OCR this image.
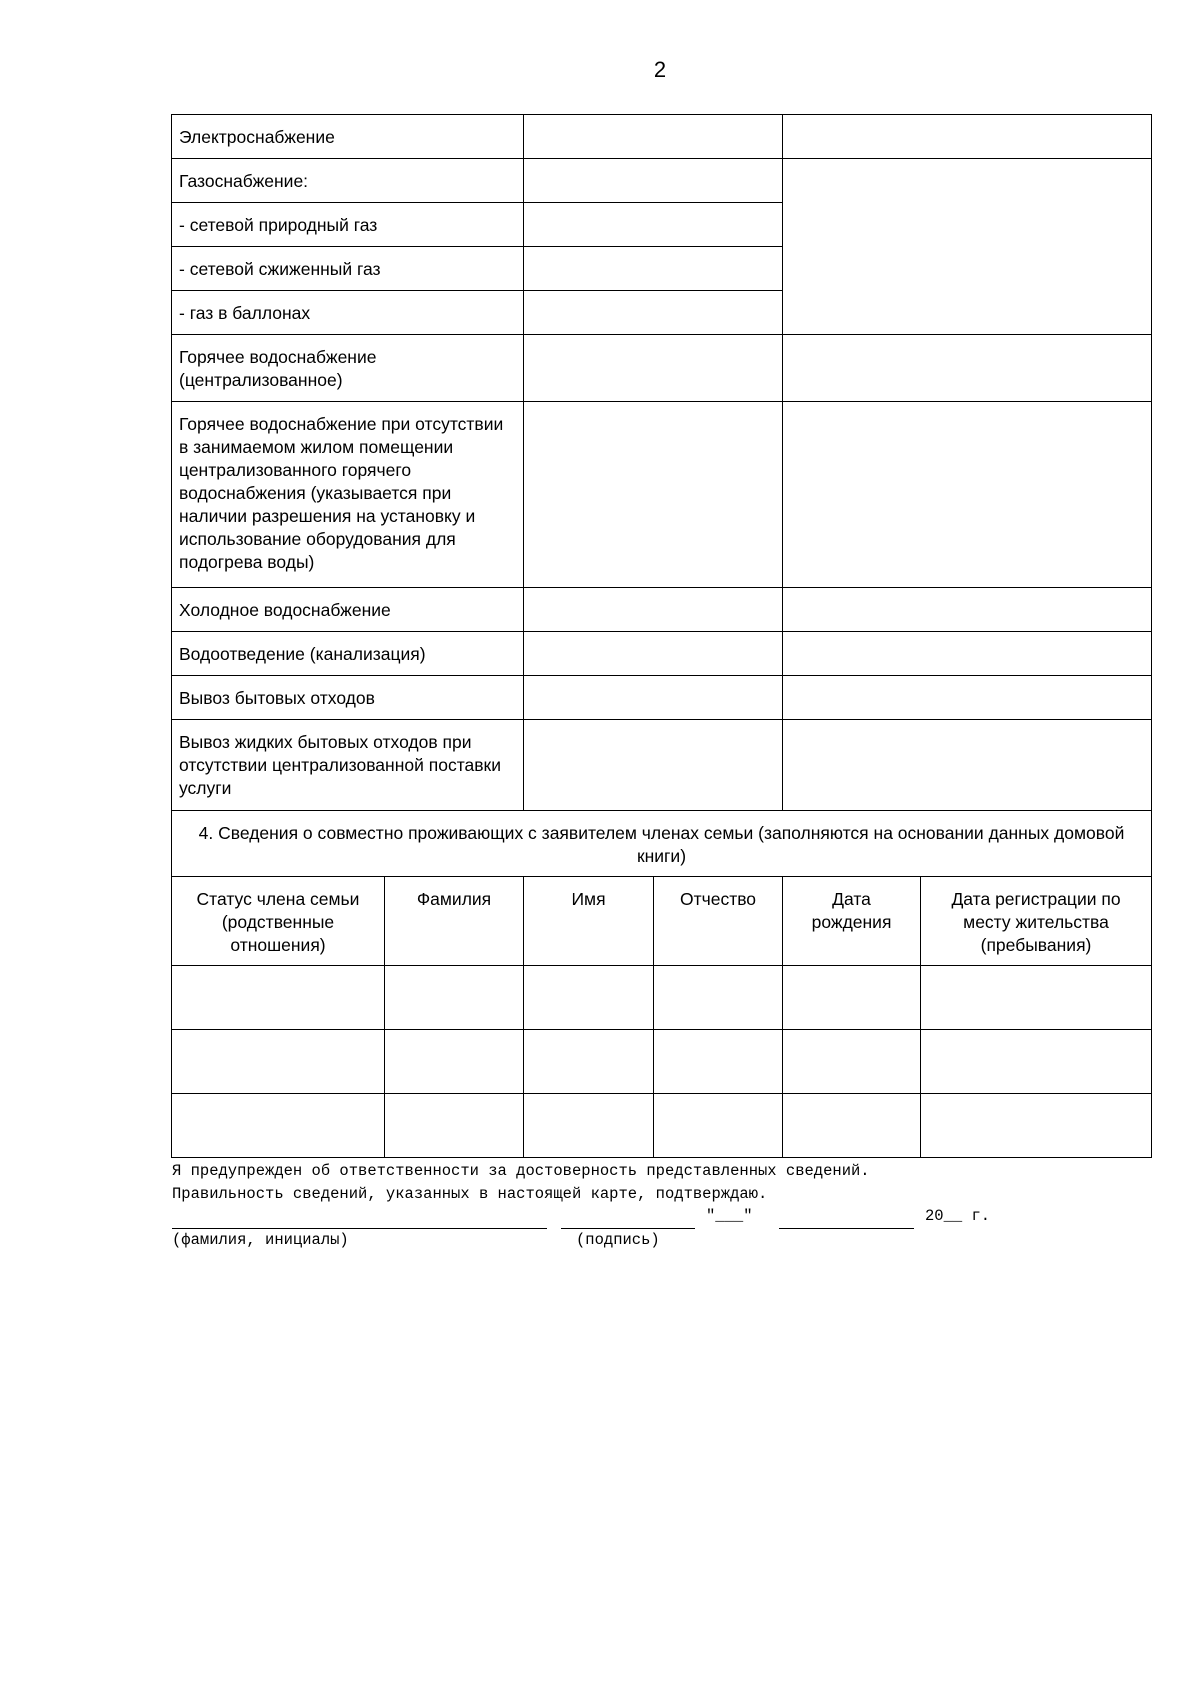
2
Электроснабжение					
Газоснабжение:					
- сетевой природный газ					
- сетевой сжиженный газ					
- газ в баллонах					
Горячее водоснабжение (централизованное)					
Горячее водоснабжение при отсутствии в занимаемом жилом помещении централизованного горячего водоснабжения (указывается при наличии разрешения на установку и использование оборудования для подогрева воды)					
Холодное водоснабжение					
Водоотведение (канализация)					
Вывоз бытовых отходов					
Вывоз жидких бытовых отходов при отсутствии централизованной поставки услуги					
4. Сведения о совместно проживающих с заявителем членах семьи (заполняются на основании данных домовой книги)					
Статус члена семьи (родственные отношения)	Фамилия	Имя	Отчество	Дата рождения	Дата регистрации по месту жительства (пребывания)

Я предупрежден об ответственности за достоверность представленных сведений.
Правильность сведений, указанных в настоящей карте, подтверждаю.
"___"	20__ г.
(фамилия, инициалы)	(подпись)
